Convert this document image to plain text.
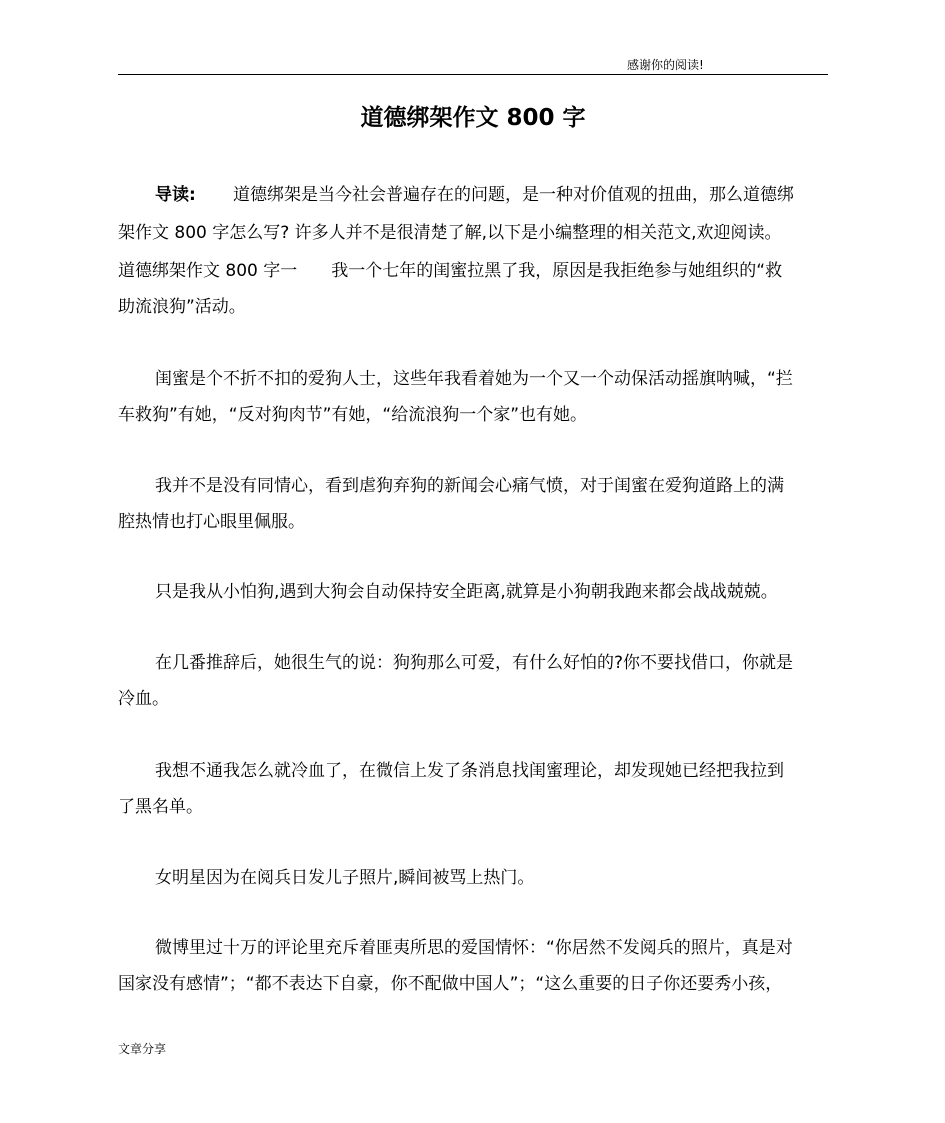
感谢你的阅读!
道德绑架作文 800 字
导读: 道德绑架是当今社会普遍存在的问题，是一种对价值观的扭曲，那么道德绑
架作文 800 字怎么写? 许多人并不是很清楚了解,以下是小编整理的相关范文,欢迎阅读。
道德绑架作文 800 字一 我一个七年的闺蜜拉黑了我，原因是我拒绝参与她组织的“救
助流浪狗”活动。
闺蜜是个不折不扣的爱狗人士，这些年我看着她为一个又一个动保活动摇旗呐喊，“拦
车救狗”有她，“反对狗肉节”有她，“给流浪狗一个家”也有她。
我并不是没有同情心，看到虐狗弃狗的新闻会心痛气愤，对于闺蜜在爱狗道路上的满
腔热情也打心眼里佩服。
只是我从小怕狗,遇到大狗会自动保持安全距离,就算是小狗朝我跑来都会战战兢兢。
在几番推辞后，她很生气的说：狗狗那么可爱，有什么好怕的?你不要找借口，你就是
冷血。
我想不通我怎么就冷血了，在微信上发了条消息找闺蜜理论，却发现她已经把我拉到
了黑名单。
女明星因为在阅兵日发儿子照片,瞬间被骂上热门。
微博里过十万的评论里充斥着匪夷所思的爱国情怀：“你居然不发阅兵的照片，真是对
国家没有感情”；“都不表达下自豪，你不配做中国人”；“这么重要的日子你还要秀小孩，
文章分享
